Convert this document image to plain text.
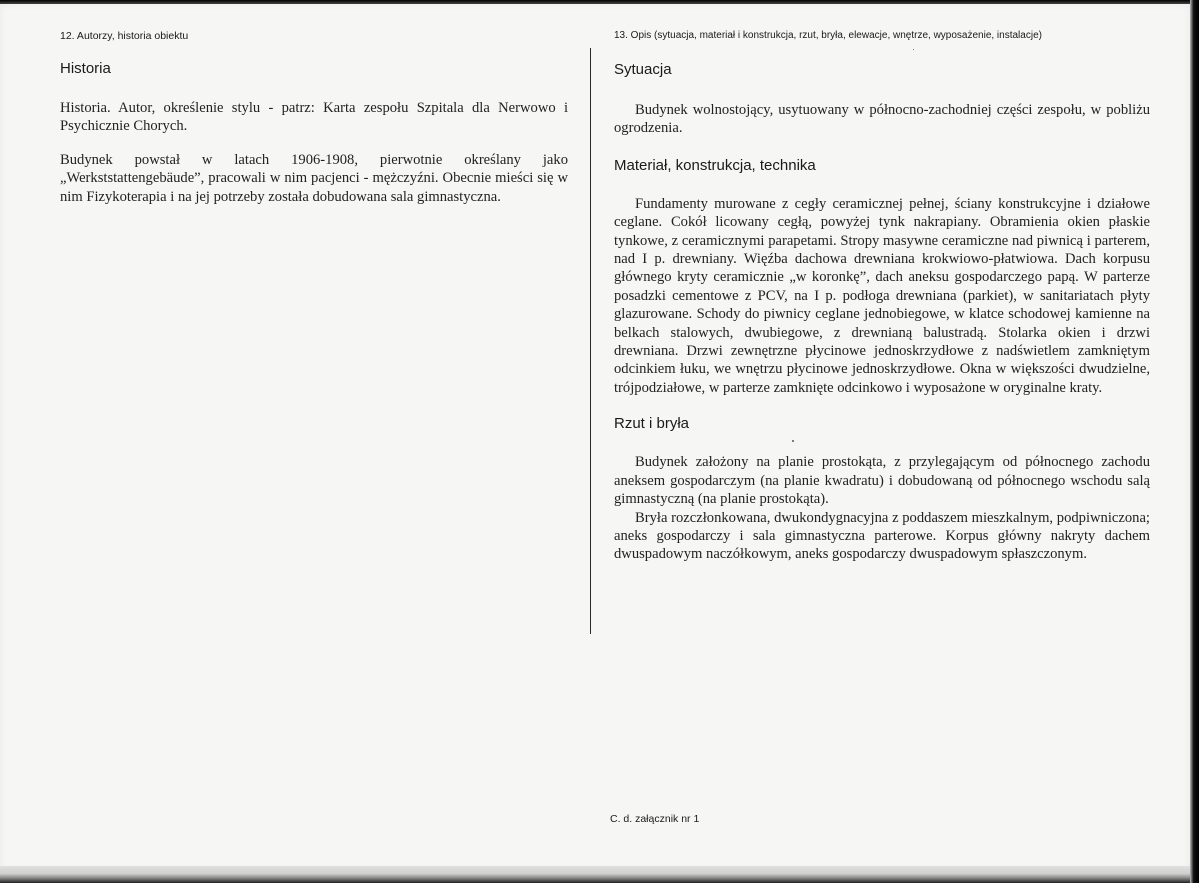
12. Autorzy, historia obiektu
Historia

Historia. Autor, określenie stylu - patrz: Karta zespołu Szpitala dla Nerwowo i Psychicznie Chorych.

Budynek powstał w latach 1906-1908, pierwotnie określany jako „Werkststattengebäude”, pracowali w nim pacjenci - mężczyźni. Obecnie mieści się w nim Fizykoterapia i na jej potrzeby została dobudowana sala gimnastyczna.

13. Opis (sytuacja, materiał i konstrukcja, rzut, bryła, elewacje, wnętrze, wyposażenie, instalacje)
Sytuacja

Budynek wolnostojący, usytuowany w północno-zachodniej części zespołu, w pobliżu ogrodzenia.

Materiał, konstrukcja, technika

Fundamenty murowane z cegły ceramicznej pełnej, ściany konstrukcyjne i działowe ceglane. Cokół licowany cegłą, powyżej tynk nakrapiany. Obramienia okien płaskie tynkowe, z ceramicznymi parapetami. Stropy masywne ceramiczne nad piwnicą i parterem, nad I p. drewniany. Więźba dachowa drewniana krokwiowo-płatwiowa. Dach korpusu głównego kryty ceramicznie „w koronkę”, dach aneksu gospodarczego papą. W parterze posadzki cementowe z PCV, na I p. podłoga drewniana (parkiet), w sanitariatach płyty glazurowane. Schody do piwnicy ceglane jednobiegowe, w klatce schodowej kamienne na belkach stalowych, dwubiegowe, z drewnianą balustradą. Stolarka okien i drzwi drewniana. Drzwi zewnętrzne płycinowe jednoskrzydłowe z nadświetlem zamkniętym odcinkiem łuku, we wnętrzu płycinowe jednoskrzydłowe. Okna w większości dwudzielne, trójpodziałowe, w parterze zamknięte odcinkowo i wyposażone w oryginalne kraty.

Rzut i bryła

Budynek założony na planie prostokąta, z przylegającym od północnego zachodu aneksem gospodarczym (na planie kwadratu) i dobudowaną od północnego wschodu salą gimnastyczną (na planie prostokąta).

Bryła rozczłonkowana, dwukondygnacyjna z poddaszem mieszkalnym, podpiwniczona; aneks gospodarczy i sala gimnastyczna parterowe. Korpus główny nakryty dachem dwuspadowym naczółkowym, aneks gospodarczy dwuspadowym spłaszczonym.

C. d. załącznik nr 1
